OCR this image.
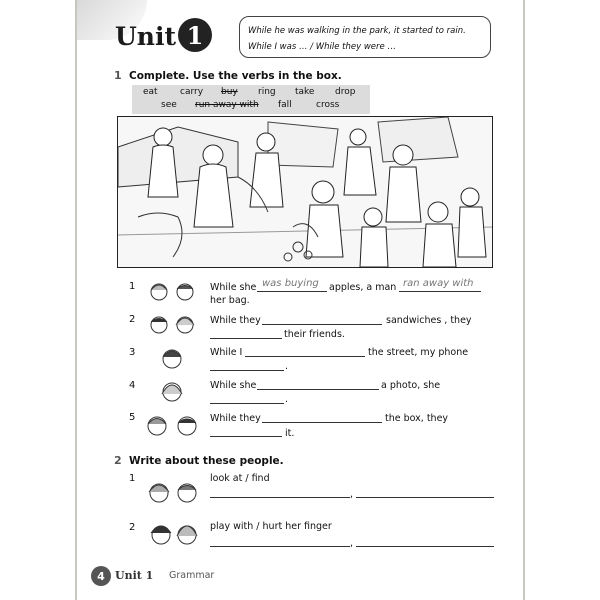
Unit 1	While he was walking in the park, it started to rain.
While I was … / While they were …
1 Complete. Use the verbs in the box.
eat carry buy ring take drop
see run away with fall	cross
1	While she was buying apples, a man ran away with
her bag.
2	While they	sandwiches , they
their friends.
3	While I	the street, my phone
.
4	While she	a photo, she
.
5	While they	the box, they
it.
2 Write about these people.
1	look at / find
,
2	play with / hurt her finger
,
4 Unit 1 Grammar
